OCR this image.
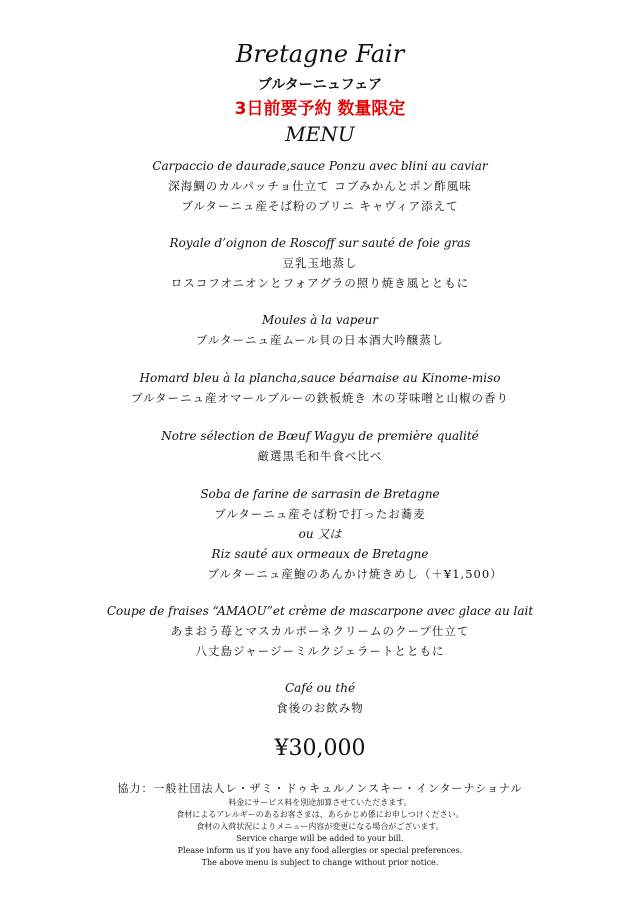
Bretagne Fair
ブルターニュフェア
3日前要予約 数量限定
MENU
Carpaccio de daurade,sauce Ponzu avec blini au caviar
深海鯛のカルパッチョ仕立て コブみかんとポン酢風味
ブルターニュ産そば粉のブリニ キャヴィア添えて
Royale d’oignon de Roscoff sur sauté de foie gras
豆乳玉地蒸し
ロスコフオニオンとフォアグラの照り焼き風とともに
Moules à la vapeur
ブルターニュ産ムール貝の日本酒大吟醸蒸し
Homard bleu à la plancha,sauce béarnaise au Kinome-miso
ブルターニュ産オマールブルーの鉄板焼き 木の芽味噌と山椒の香り
Notre sélection de Bœuf Wagyu de première qualité
厳選黒毛和牛食べ比べ
Soba de farine de sarrasin de Bretagne
ブルターニュ産そば粉で打ったお蕎麦
ou 又は
Riz sauté aux ormeaux de Bretagne
ブルターニュ産鮑のあんかけ焼きめし（＋¥1,500）
Coupe de fraises “AMAOU”et crème de mascarpone avec glace au lait
あまおう苺とマスカルポーネクリームのクープ仕立て
八丈島ジャージーミルクジェラートとともに
Café ou thé
食後のお飲み物
¥30,000
協力：一般社団法人レ・ザミ・ドゥキュルノンスキー・インターナショナル
料金にサービス料を別途加算させていただきます。
食材によるアレルギーのあるお客さまは、あらかじめ係にお申しつけください。
食材の入荷状況によりメニュー内容が変更になる場合がございます。
Service charge will be added to your bill.
Please inform us if you have any food allergies or special preferences.
The above menu is subject to change without prior notice.
